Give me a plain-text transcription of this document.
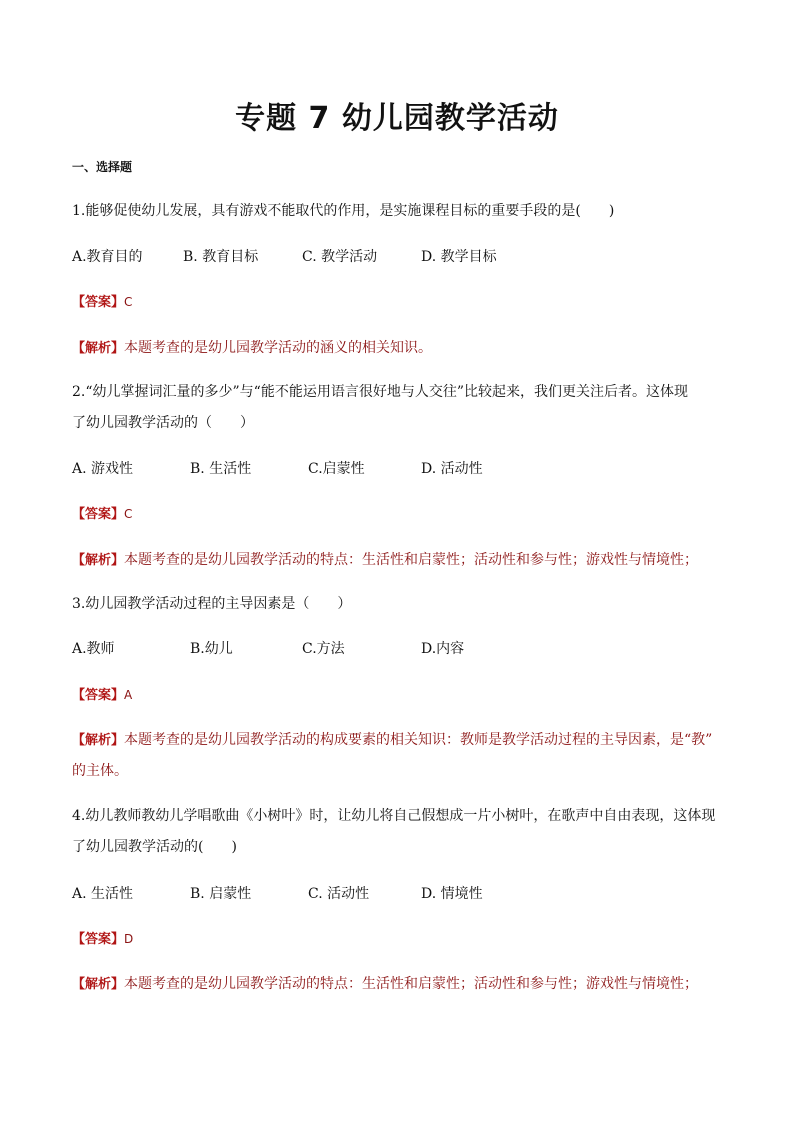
专题 7 幼儿园教学活动
一、选择题
1.能够促使幼儿发展，具有游戏不能取代的作用，是实施课程目标的重要手段的是(　　)
A.教育目的	B. 教育目标	C. 教学活动	D. 教学目标
【答案】C
【解析】本题考查的是幼儿园教学活动的涵义的相关知识。
2.“幼儿掌握词汇量的多少”与“能不能运用语言很好地与人交往”比较起来，我们更关注后者。这体现
了幼儿园教学活动的（　　）
A. 游戏性	B. 生活性	C.启蒙性	D. 活动性
【答案】C
【解析】本题考查的是幼儿园教学活动的特点：生活性和启蒙性；活动性和参与性；游戏性与情境性；
3.幼儿园教学活动过程的主导因素是（　　）
A.教师	B.幼儿	C.方法	D.内容
【答案】A
【解析】本题考查的是幼儿园教学活动的构成要素的相关知识：教师是教学活动过程的主导因素，是“教”
的主体。
4.幼儿教师教幼儿学唱歌曲《小树叶》时，让幼儿将自己假想成一片小树叶，在歌声中自由表现，这体现
了幼儿园教学活动的(　　)
A. 生活性	B. 启蒙性	C. 活动性	D. 情境性
【答案】D
【解析】本题考查的是幼儿园教学活动的特点：生活性和启蒙性；活动性和参与性；游戏性与情境性；
